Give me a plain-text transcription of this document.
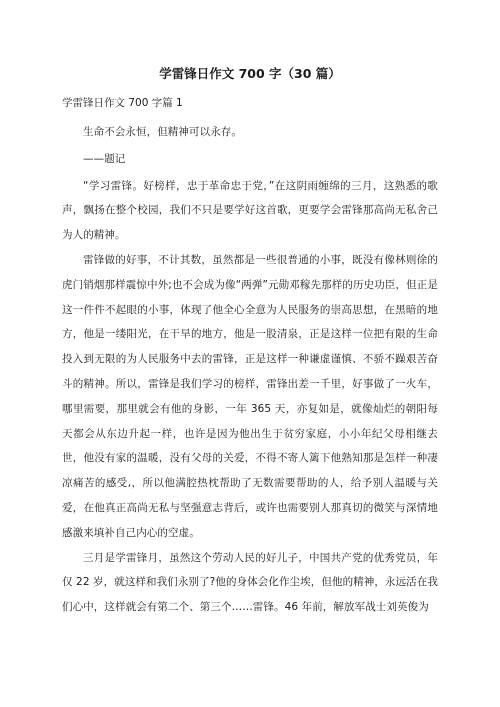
学雷锋日作文 700 字（30 篇）
学雷锋日作文 700 字篇 1

生命不会永恒，但精神可以永存。

——题记

“学习雷锋。好榜样，忠于革命忠于党，”在这阴雨缠绵的三月，这熟悉的歌声，飘扬在整个校园，我们不只是要学好这首歌，更要学会雷锋那高尚无私舍己为人的精神。

雷锋做的好事，不计其数，虽然都是一些很普通的小事，既没有像林则徐的虎门销烟那样震惊中外;也不会成为像“两弹”元勋邓稼先那样的历史功臣，但正是这一件件不起眼的小事，体现了他全心全意为人民服务的崇高思想，在黑暗的地方，他是一缕阳光，在干旱的地方，他是一股清泉，正是这样一位把有限的生命投入到无限的为人民服务中去的雷锋，正是这样一种谦虚谨慎、不骄不躁艰苦奋斗的精神。所以，雷锋是我们学习的榜样，雷锋出差一千里，好事做了一火车，哪里需要，那里就会有他的身影，一年 365 天，亦复如是，就像灿烂的朝阳每天都会从东边升起一样，也许是因为他出生于贫穷家庭，小小年纪父母相继去世，他没有家的温暖，没有父母的关爱，不得不寄人篱下他熟知那是怎样一种凄凉痛苦的感受,，所以他满腔热枕帮助了无数需要帮助的人，给予别人温暖与关爱，在他真正高尚无私与坚强意志背后，或许也需要别人那真切的微笑与深情地感激来填补自己内心的空虚。

三月是学雷锋月，虽然这个劳动人民的好儿子，中国共产党的优秀党员，年仅 22 岁，就这样和我们永别了?他的身体会化作尘埃，但他的精神，永远活在我们心中，这样就会有第二个、第三个……雷锋。46 年前，解放军战士刘英俊为
